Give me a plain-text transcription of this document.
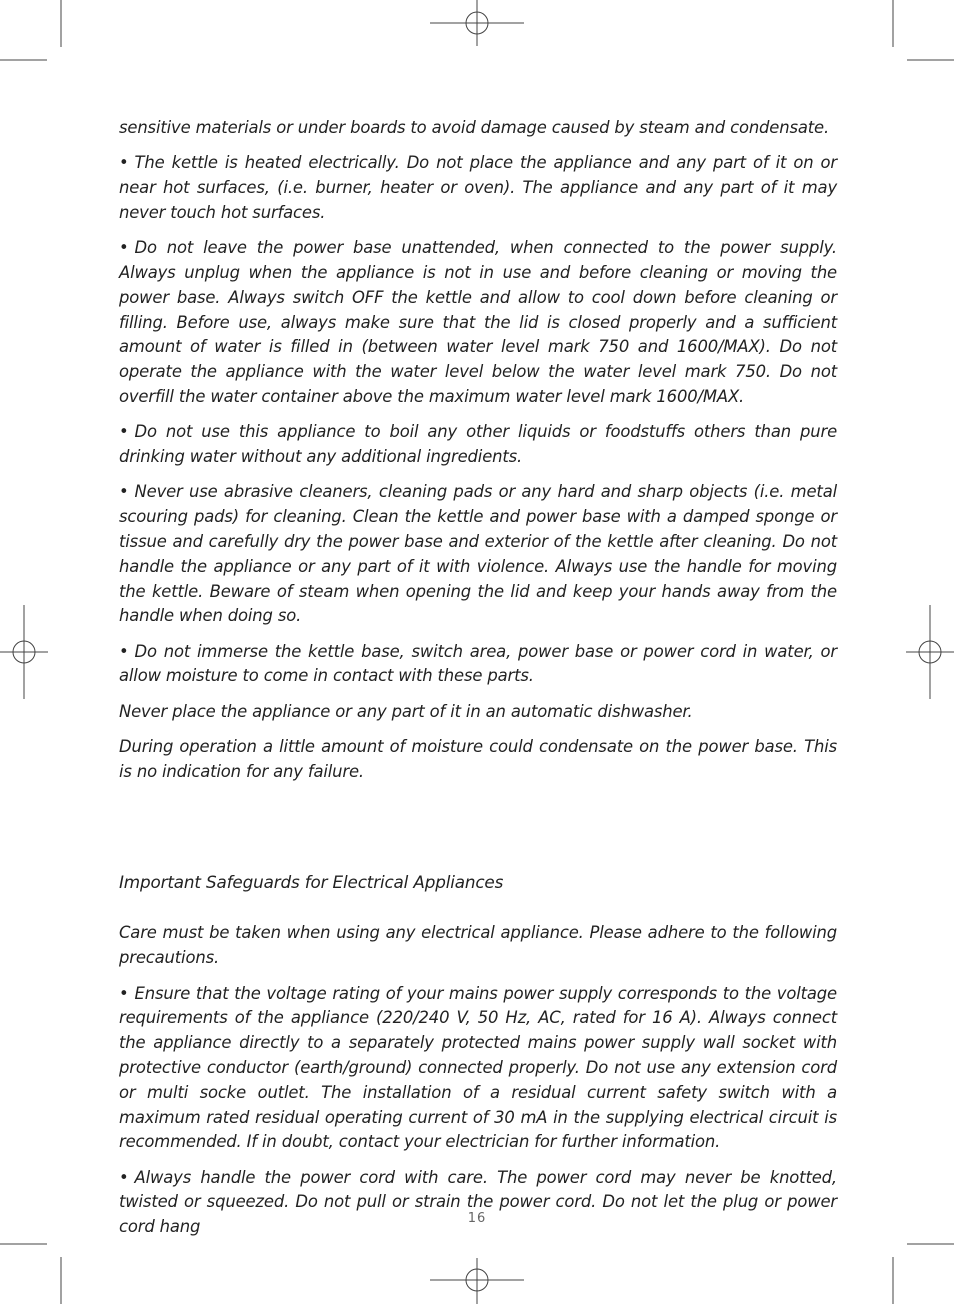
sensitive materials or under boards to avoid damage caused by steam and condensate.

• The kettle is heated electrically. Do not place the appliance and any part of it on or near hot surfaces, (i.e. burner, heater or oven). The appliance and any part of it may never touch hot surfaces.

• Do not leave the power base unattended, when connected to the power supply. Always unplug when the appliance is not in use and before cleaning or moving the power base. Always switch OFF the kettle and allow to cool down before cleaning or filling. Before use, always make sure that the lid is closed properly and a sufficient amount of water is filled in (between water level mark 750 and 1600/MAX). Do not operate the appliance with the water level below the water level mark 750. Do not overfill the water container above the maximum water level mark 1600/MAX.

• Do not use this appliance to boil any other liquids or foodstuffs others than pure drinking water without any additional ingredients.

• Never use abrasive cleaners, cleaning pads or any hard and sharp objects (i.e. metal scouring pads) for cleaning. Clean the kettle and power base with a damped sponge or tissue and carefully dry the power base and exterior of the kettle after cleaning. Do not handle the appliance or any part of it with violence. Always use the handle for moving the kettle. Beware of steam when opening the lid and keep your hands away from the handle when doing so.

• Do not immerse the kettle base, switch area, power base or power cord in water, or allow moisture to come in contact with these parts.

Never place the appliance or any part of it in an automatic dishwasher.

During operation a little amount of moisture could condensate on the power base. This is no indication for any failure.

Important Safeguards for Electrical Appliances

Care must be taken when using any electrical appliance. Please adhere to the following precautions.

• Ensure that the voltage rating of your mains power supply corresponds to the voltage requirements of the appliance (220/240 V, 50 Hz, AC, rated for 16 A). Always connect the appliance directly to a separately protected mains power supply wall socket with protective conductor (earth/ground) connected properly. Do not use any extension cord or multi socke outlet. The installation of a residual current safety switch with a maximum rated residual operating current of 30 mA in the supplying electrical circuit is recommended. If in doubt, contact your electrician for further information.

• Always handle the power cord with care. The power cord may never be knotted, twisted or squeezed. Do not pull or strain the power cord. Do not let the plug or power cord hang	16
